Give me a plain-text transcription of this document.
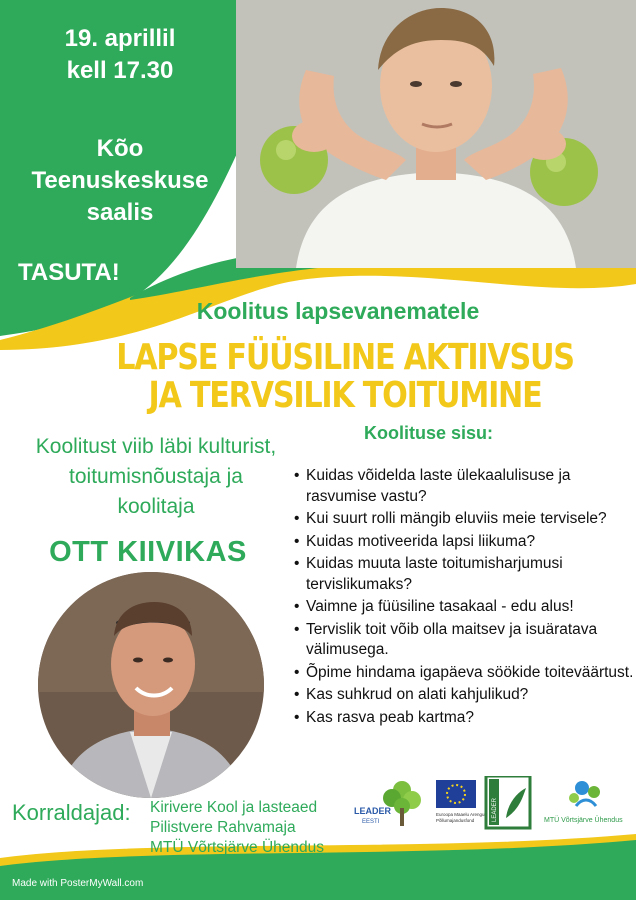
19. aprillil
kell 17.30
Kõo
Teenuskeskuse
saalis
TASUTA!
Koolitus lapsevanematele
LAPSE FÜÜSILINE AKTIIVSUS
JA TERVSILIK TOITUMINE
Koolitust viib läbi kulturist,
toitumisnõustaja ja
koolitaja
OTT KIIVIKAS
Koolituse sisu:
• Kuidas võidelda laste ülekaalulisuse ja rasvumise vastu?
• Kui suurt rolli mängib eluviis meie tervisele?
• Kuidas motiveerida lapsi liikuma?
• Kuidas muuta laste toitumisharjumusi tervislikumaks?
• Vaimne ja füüsiline tasakaal - edu alus!
• Tervislik toit võib olla maitsev ja isuäratava välimusega.
• Õpime hindama igapäeva söökide toiteväärtust.
• Kas suhkrud on alati kahjulikud?
• Kas rasva peab kartma?
Korraldajad: Kirivere Kool ja lasteaed
Pilistvere Rahvamaja
MTÜ Võrtsjärve Ühendus
LEADER
EESTI
Euroopa Maaelu Arengu
Põllumajandusfond	LEADER	MTÜ Võrtsjärve Ühendus
Made with PosterMyWall.com
